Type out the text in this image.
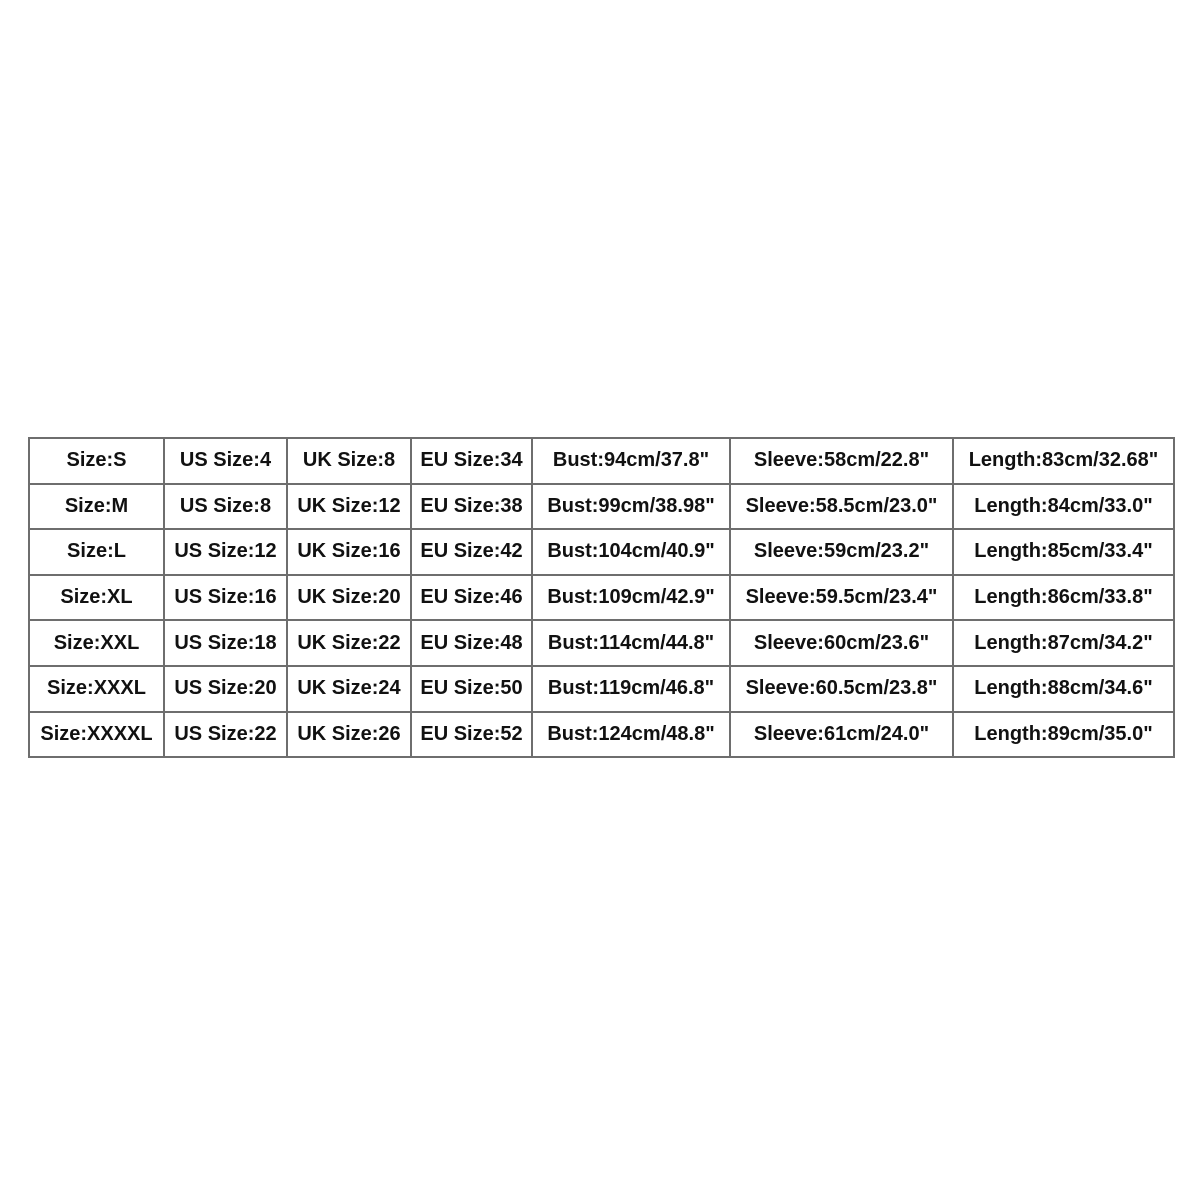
Size:S	US Size:4	UK Size:8	EU Size:34	Bust:94cm/37.8"	Sleeve:58cm/22.8"	Length:83cm/32.68"
Size:M	US Size:8	UK Size:12	EU Size:38	Bust:99cm/38.98"	Sleeve:58.5cm/23.0"	Length:84cm/33.0"
Size:L	US Size:12	UK Size:16	EU Size:42	Bust:104cm/40.9"	Sleeve:59cm/23.2"	Length:85cm/33.4"
Size:XL	US Size:16	UK Size:20	EU Size:46	Bust:109cm/42.9"	Sleeve:59.5cm/23.4"	Length:86cm/33.8"
Size:XXL	US Size:18	UK Size:22	EU Size:48	Bust:114cm/44.8"	Sleeve:60cm/23.6"	Length:87cm/34.2"
Size:XXXL	US Size:20	UK Size:24	EU Size:50	Bust:119cm/46.8"	Sleeve:60.5cm/23.8"	Length:88cm/34.6"
Size:XXXXL	US Size:22	UK Size:26	EU Size:52	Bust:124cm/48.8"	Sleeve:61cm/24.0"	Length:89cm/35.0"
